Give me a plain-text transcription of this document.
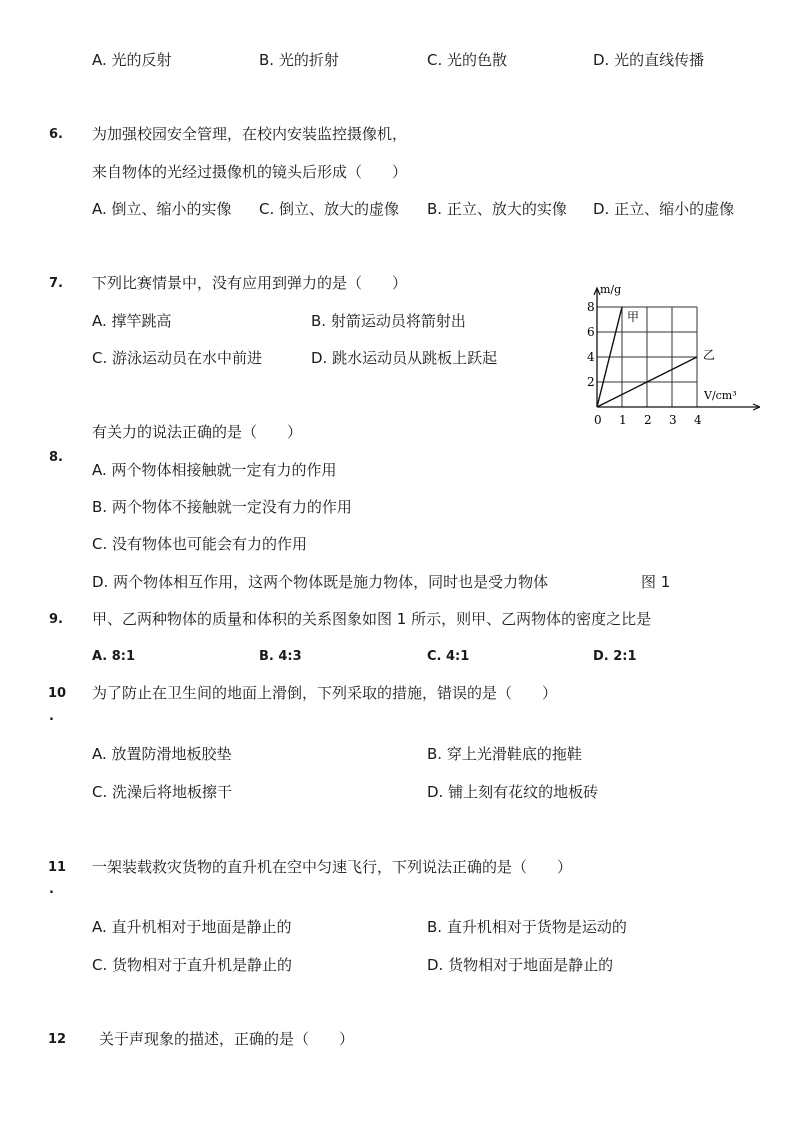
A. 光的反射	B. 光的折射	C. 光的色散	D. 光的直线传播
6. 为加强校园安全管理，在校内安装监控摄像机，
来自物体的光经过摄像机的镜头后形成（　　）
A. 倒立、缩小的实像 C. 倒立、放大的虚像 B. 正立、放大的实像 D. 正立、缩小的虚像
7. 下列比赛情景中，没有应用到弹力的是（　　）
A. 撑竿跳高	B. 射箭运动员将箭射出
C. 游泳运动员在水中前进	D. 跳水运动员从跳板上跃起
0 1 2 3 4
2
4
6
8
m/g
V/cm³
甲
乙
有关力的说法正确的是（　　）
8.
A. 两个物体相接触就一定有力的作用
B. 两个物体不接触就一定没有力的作用
C. 没有物体也可能会有力的作用
D. 两个物体相互作用，这两个物体既是施力物体，同时也是受力物体	图 1
9. 甲、乙两种物体的质量和体积的关系图象如图 1 所示，则甲、乙两物体的密度之比是
A. 8:1	B. 4:3	C. 4:1	D. 2:1
10
.
为了防止在卫生间的地面上滑倒，下列采取的措施，错误的是（　　）
A. 放置防滑地板胶垫	B. 穿上光滑鞋底的拖鞋
C. 洗澡后将地板擦干	D. 铺上刻有花纹的地板砖
11
.
一架装载救灾货物的直升机在空中匀速飞行，下列说法正确的是（　　）
A. 直升机相对于地面是静止的	B. 直升机相对于货物是运动的
C. 货物相对于直升机是静止的	D. 货物相对于地面是静止的
12 关于声现象的描述，正确的是（　　）
